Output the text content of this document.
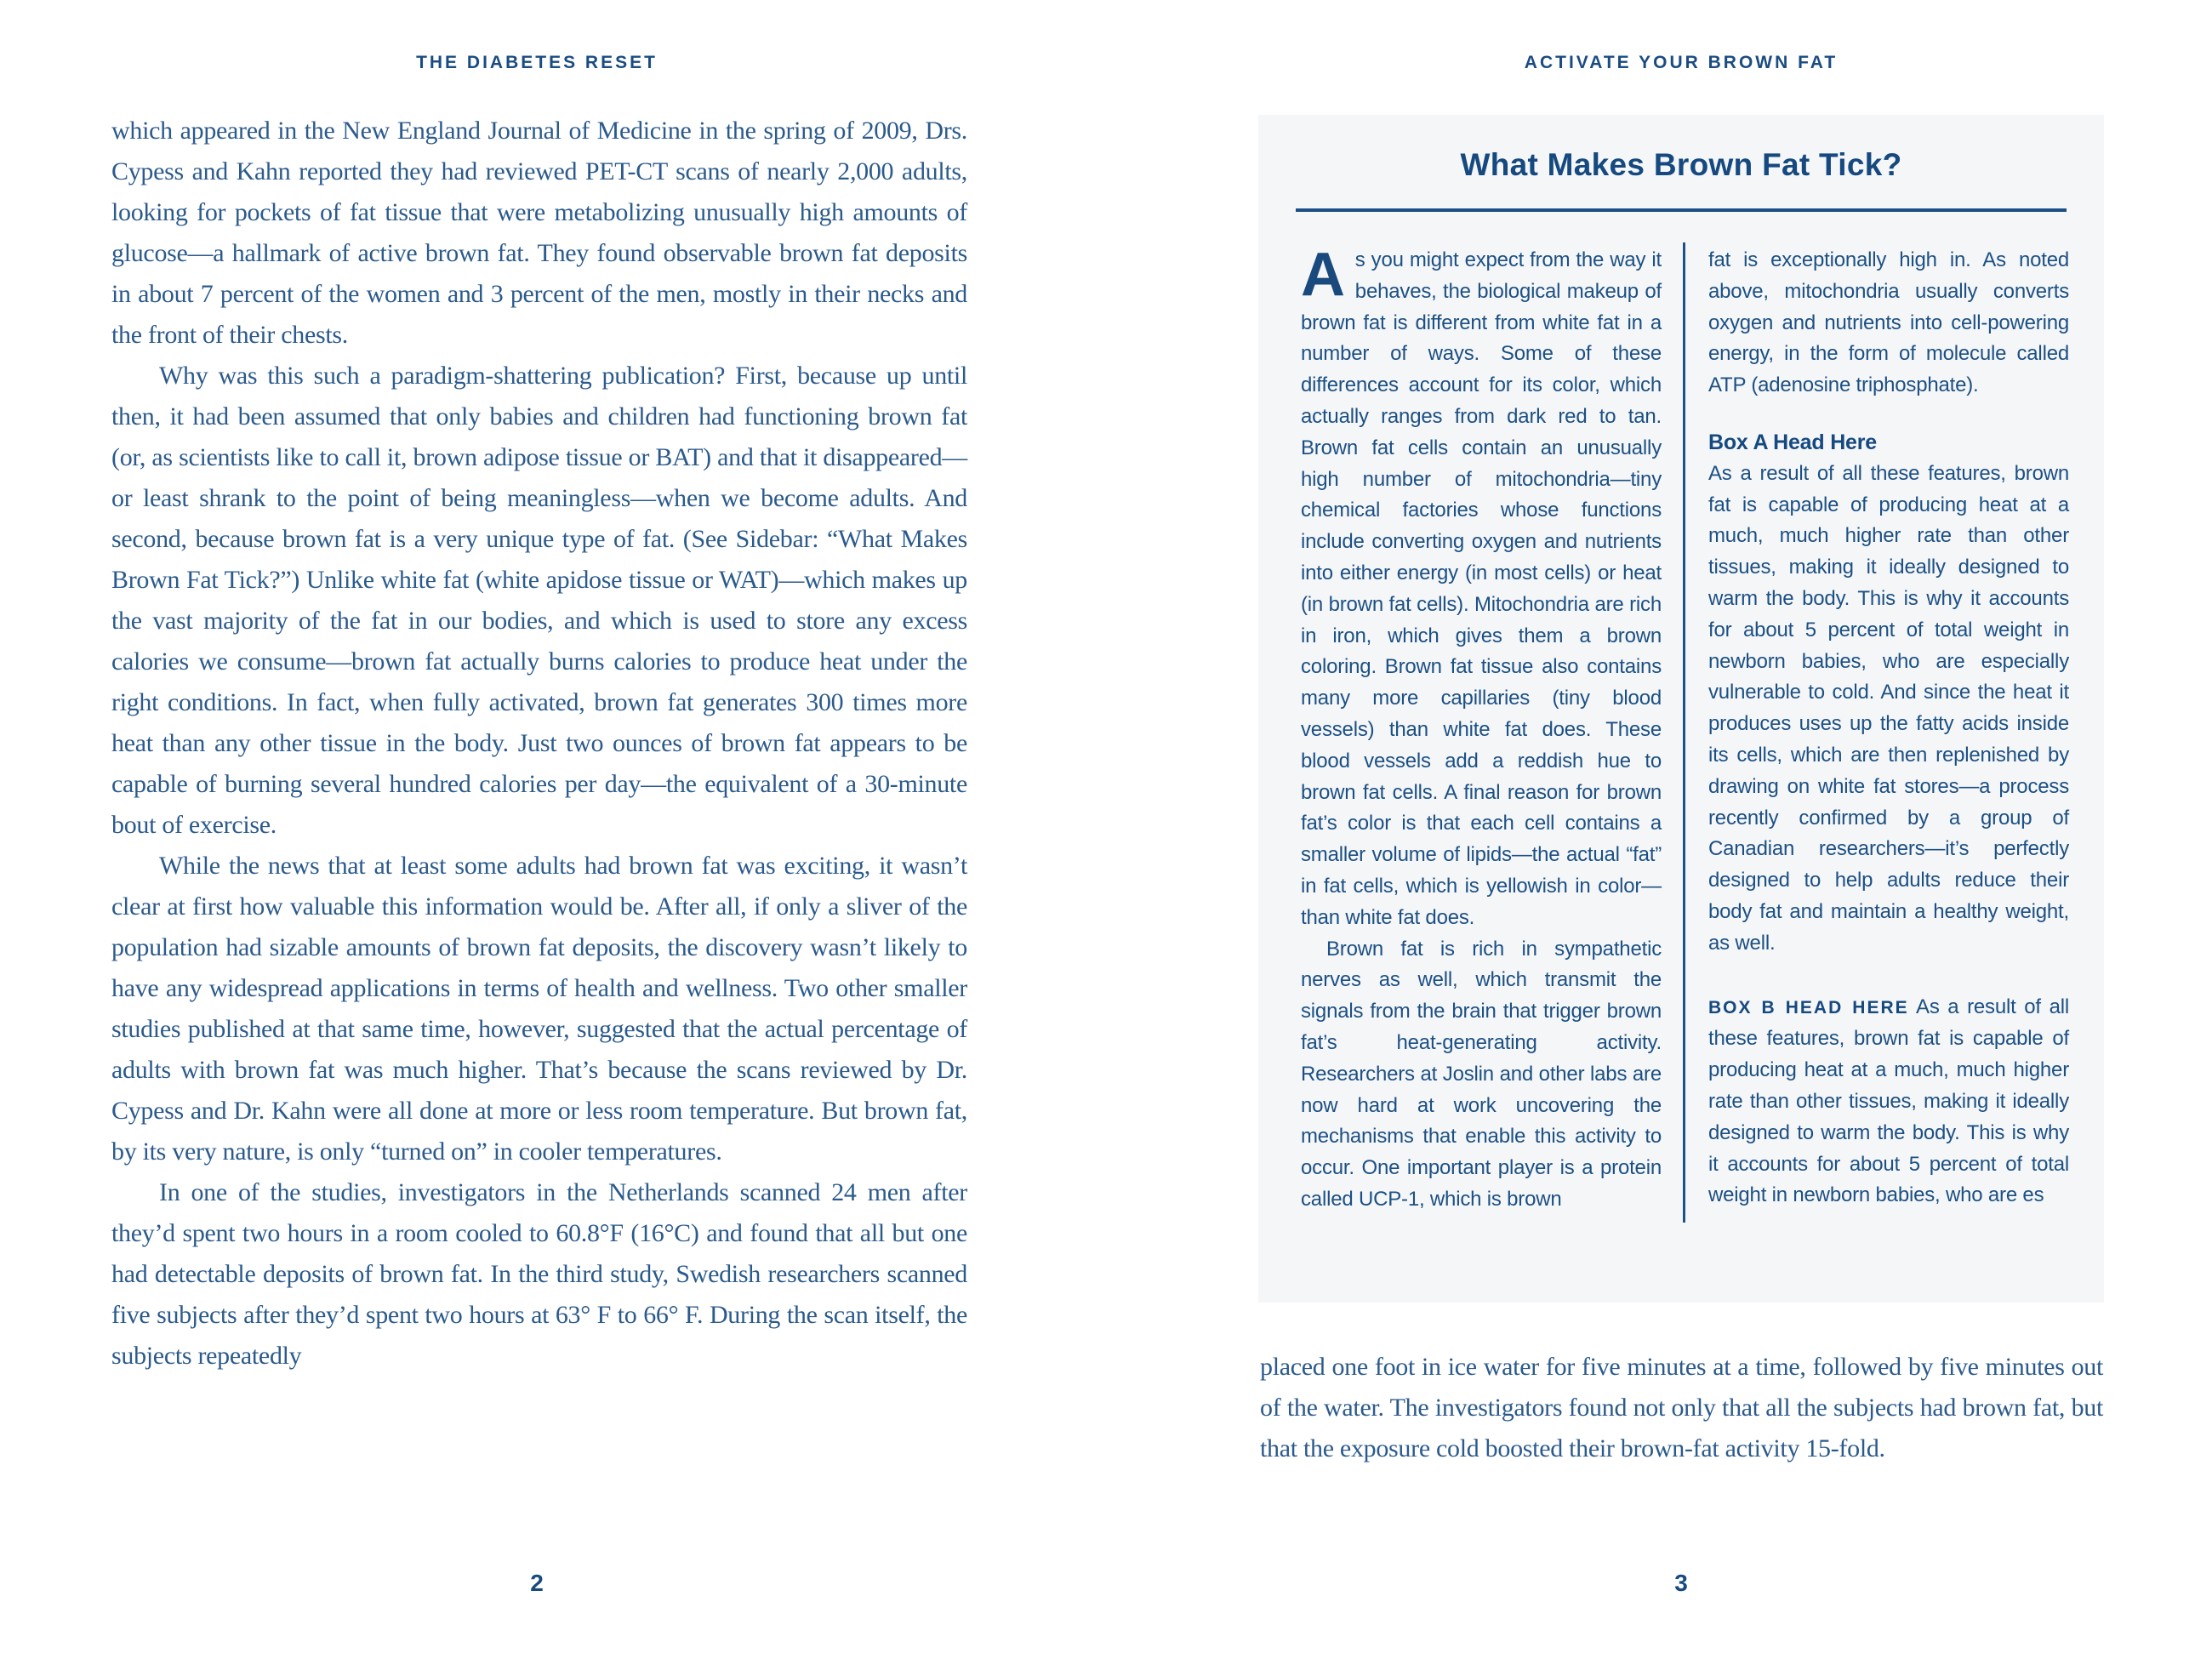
THE DIABETES RESET

which appeared in the New England Journal of Medicine in the spring of 2009, Drs. Cypess and Kahn reported they had reviewed PET-CT scans of nearly 2,000 adults, looking for pockets of fat tissue that were metabolizing unusually high amounts of glucose—a hallmark of active brown fat. They found observable brown fat deposits in about 7 percent of the women and 3 percent of the men, mostly in their necks and the front of their chests.

Why was this such a paradigm-shattering publication? First, because up until then, it had been assumed that only babies and children had functioning brown fat (or, as scientists like to call it, brown adipose tissue or BAT) and that it disappeared—or least shrank to the point of being meaningless—when we become adults. And second, because brown fat is a very unique type of fat. (See Sidebar: “What Makes Brown Fat Tick?”) Unlike white fat (white apidose tissue or WAT)—which makes up the vast majority of the fat in our bodies, and which is used to store any excess calories we consume—brown fat actually burns calories to produce heat under the right conditions. In fact, when fully activated, brown fat generates 300 times more heat than any other tissue in the body. Just two ounces of brown fat appears to be capable of burning several hundred calories per day—the equivalent of a 30-minute bout of exercise.

While the news that at least some adults had brown fat was exciting, it wasn’t clear at first how valuable this information would be. After all, if only a sliver of the population had sizable amounts of brown fat deposits, the discovery wasn’t likely to have any widespread applications in terms of health and wellness. Two other smaller studies published at that same time, however, suggested that the actual percentage of adults with brown fat was much higher. That’s because the scans reviewed by Dr. Cypess and Dr. Kahn were all done at more or less room temperature. But brown fat, by its very nature, is only “turned on” in cooler temperatures.

In one of the studies, investigators in the Netherlands scanned 24 men after they’d spent two hours in a room cooled to 60.8°F (16°C) and found that all but one had detectable deposits of brown fat. In the third study, Swedish researchers scanned five subjects after they’d spent two hours at 63° F to 66° F. During the scan itself, the subjects repeatedly

2
ACTIVATE YOUR BROWN FAT
What Makes Brown Fat Tick?

As you might expect from the way it behaves, the biological makeup of brown fat is different from white fat in a number of ways. Some of these differences account for its color, which actually ranges from dark red to tan. Brown fat cells contain an unusually high number of mitochondria—tiny chemical factories whose functions include converting oxygen and nutrients into either energy (in most cells) or heat (in brown fat cells). Mitochondria are rich in iron, which gives them a brown coloring. Brown fat tissue also contains many more capillaries (tiny blood vessels) than white fat does. These blood vessels add a reddish hue to brown fat cells. A final reason for brown fat’s color is that each cell contains a smaller volume of lipids—the actual “fat” in fat cells, which is yellowish in color—than white fat does.

Brown fat is rich in sympathetic nerves as well, which transmit the signals from the brain that trigger brown fat’s heat-generating activity. Researchers at Joslin and other labs are now hard at work uncovering the mechanisms that enable this activity to occur. One important player is a protein called UCP-1, which is brown

fat is exceptionally high in. As noted above, mitochondria usually converts oxygen and nutrients into cell-powering energy, in the form of molecule called ATP (adenosine triphosphate).

Box A Head Here

As a result of all these features, brown fat is capable of producing heat at a much, much higher rate than other tissues, making it ideally designed to warm the body. This is why it accounts for about 5 percent of total weight in newborn babies, who are especially vulnerable to cold. And since the heat it produces uses up the fatty acids inside its cells, which are then replenished by drawing on white fat stores—a process recently confirmed by a group of Canadian researchers—it’s perfectly designed to help adults reduce their body fat and maintain a healthy weight, as well.

BOX B HEAD HERE As a result of all these features, brown fat is capable of producing heat at a much, much higher rate than other tissues, making it ideally designed to warm the body. This is why it accounts for about 5 percent of total weight in newborn babies, who are es

placed one foot in ice water for five minutes at a time, followed by five minutes out of the water. The investigators found not only that all the subjects had brown fat, but that the exposure cold boosted their brown-fat activity 15-fold.

3
